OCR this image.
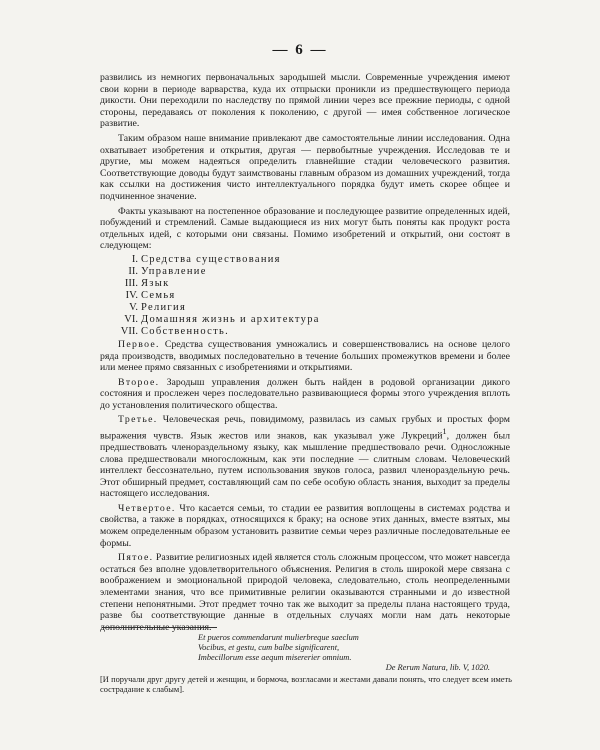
— 6 —

развились из немногих первоначальных зародышей мысли. Современные учреждения имеют свои корни в периоде варварства, куда их отпрыски проникли из предшествующего периода дикости. Они переходили по наследству по прямой линии через все прежние периоды, с одной стороны, передаваясь от поколения к поколению, с другой — имея собственное логическое развитие.

Таким образом наше внимание привлекают две самостоятельные линии исследования. Одна охватывает изобретения и открытия, другая — первобытные учреждения. Исследовав те и другие, мы можем надеяться определить главнейшие стадии человеческого развития. Соответствующие доводы будут заимствованы главным образом из домашних учреждений, тогда как ссылки на достижения чисто интеллектуального порядка будут иметь скорее общее и подчиненное значение.

Факты указывают на постепенное образование и последующее развитие определенных идей, побуждений и стремлений. Самые выдающиеся из них могут быть поняты как продукт роста отдельных идей, с которыми они связаны. Помимо изобретений и открытий, они состоят в следующем:

I. Средства существования
II. Управление
III. Язык
IV. Семья
V. Религия
VI. Домашняя жизнь и архитектура
VII. Собственность.

Первое. Средства существования умножались и совершенствовались на основе целого ряда производств, вводимых последовательно в течение больших промежутков времени и более или менее прямо связанных с изобретениями и открытиями.

Второе. Зародыш управления должен быть найден в родовой организации дикого состояния и прослежен через последовательно развивающиеся формы этого учреждения вплоть до установления политического общества.

Третье. Человеческая речь, повидимому, развилась из самых грубых и простых форм выражения чувств. Язык жестов или знаков, как указывал уже Лукреций$^1$, должен был предшествовать членораздельному языку, как мышление предшествовало речи. Односложные слова предшествовали многосложным, как эти последние — слитным словам. Человеческий интеллект бессознательно, путем использования звуков голоса, развил членораздельную речь. Этот обширный предмет, составляющий сам по себе особую область знания, выходит за пределы настоящего исследования.

Четвертое. Что касается семьи, то стадии ее развития воплощены в системах родства и свойства, а также в порядках, относящихся к браку; на основе этих данных, вместе взятых, мы можем определенным образом установить развитие семьи через различные последовательные ее формы.

Пятое. Развитие религиозных идей является столь сложным процессом, что может навсегда остаться без вполне удовлетворительного объяснения. Религия в столь широкой мере связана с воображением и эмоциональной природой человека, следовательно, столь неопределенными элементами знания, что все примитивные религии оказываются странными и до известной степени непонятными. Этот предмет точно так же выходит за пределы плана настоящего труда, разве бы соответствующие данные в отдельных случаях могли нам дать некоторые дополнительные указания.

Et pueros commendarunt mulierbreque saeclum
Vocibus, et gestu, cum balbe significarent,
Imbecillorum esse aequm misererier omnium.
De Rerum Natura, lib. V, 1020.
[И поручали друг другу детей и женщин, и бормоча, возгласами и жестами давали понять, что следует всем иметь сострадание к слабым].
